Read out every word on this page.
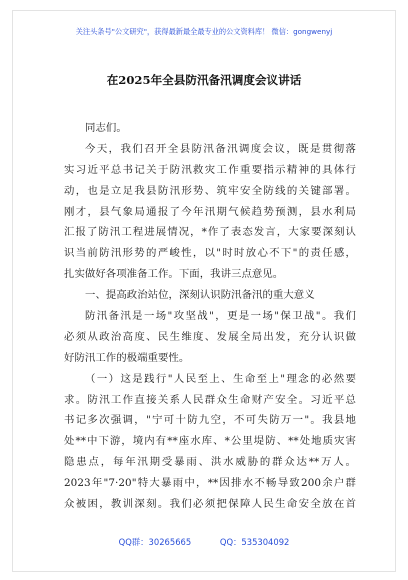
关注头条号"公文研究"，获得最新最全最专业的公文资料库！ 微信：gongwenyj
在2025年全县防汛备汛调度会议讲话
同志们。
今天，我们召开全县防汛备汛调度会议，既是贯彻落
实习近平总书记关于防汛救灾工作重要指示精神的具体行
动，也是立足我县防汛形势、筑牢安全防线的关键部署。
刚才，县气象局通报了今年汛期气候趋势预测，县水利局
汇报了防汛工程进展情况，*作了表态发言，大家要深刻认
识当前防汛形势的严峻性，以"时时放心不下"的责任感，
扎实做好各项准备工作。下面，我讲三点意见。
一、提高政治站位，深刻认识防汛备汛的重大意义
防汛备汛是一场"攻坚战"，更是一场"保卫战"。我们
必须从政治高度、民生维度、发展全局出发，充分认识做
好防汛工作的极端重要性。
（一）这是践行"人民至上、生命至上"理念的必然要
求。防汛工作直接关系人民群众生命财产安全。习近平总
书记多次强调，"宁可十防九空，不可失防万一"。我县地
处**中下游，境内有**座水库、*公里堤防、**处地质灾害
隐患点，每年汛期受暴雨、洪水威胁的群众达**万人。
2023年"7·20"特大暴雨中，**因排水不畅导致200余户群
众被困，教训深刻。我们必须把保障人民生命安全放在首
QQ群：30265665	QQ：535304092
